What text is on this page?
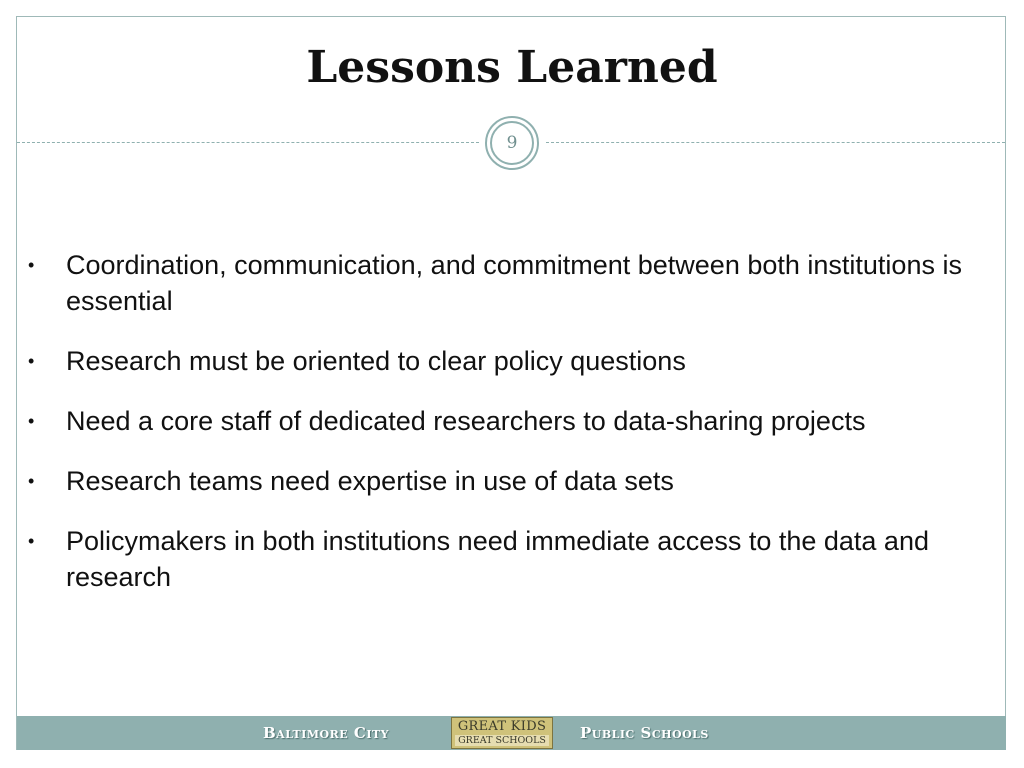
Lessons Learned
9
• Coordination, communication, and commitment between both institutions is essential
• Research must be oriented to clear policy questions
• Need a core staff of dedicated researchers to data-sharing projects
• Research teams need expertise in use of data sets
• Policymakers in both institutions need immediate access to the data and research
Baltimore City	GREAT KIDS
GREAT SCHOOLS Public Schools
